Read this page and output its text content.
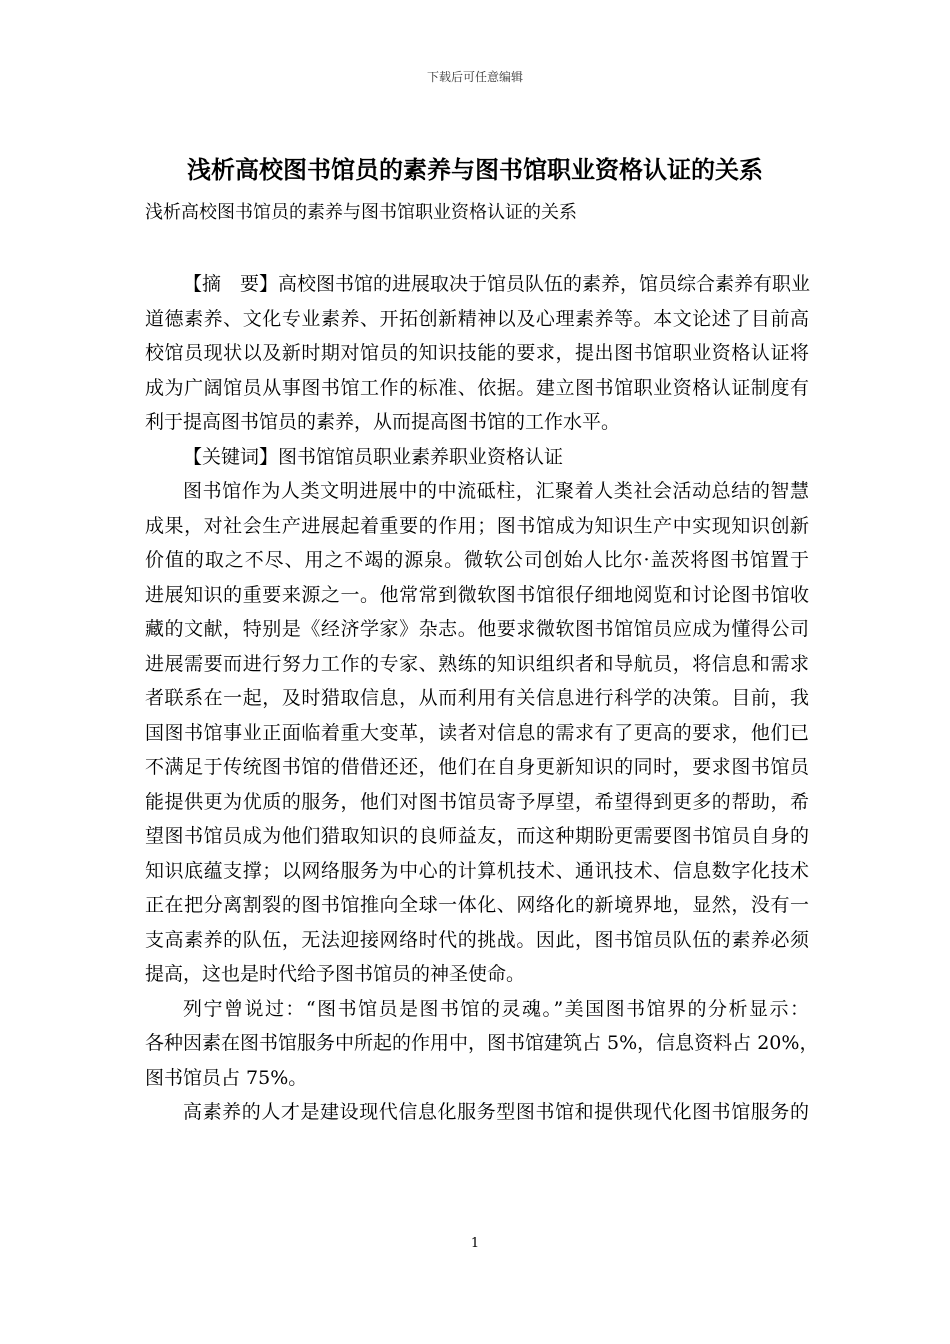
下载后可任意编辑
浅析高校图书馆员的素养与图书馆职业资格认证的关系
浅析高校图书馆员的素养与图书馆职业资格认证的关系

【摘　要】高校图书馆的进展取决于馆员队伍的素养，馆员综合素养有职业
道德素养、文化专业素养、开拓创新精神以及心理素养等。本文论述了目前高
校馆员现状以及新时期对馆员的知识技能的要求，提出图书馆职业资格认证将
成为广阔馆员从事图书馆工作的标准、依据。建立图书馆职业资格认证制度有
利于提高图书馆员的素养，从而提高图书馆的工作水平。

【关键词】图书馆馆员职业素养职业资格认证

图书馆作为人类文明进展中的中流砥柱，汇聚着人类社会活动总结的智慧
成果，对社会生产进展起着重要的作用；图书馆成为知识生产中实现知识创新
价值的取之不尽、用之不竭的源泉。微软公司创始人比尔·盖茨将图书馆置于
进展知识的重要来源之一。他常常到微软图书馆很仔细地阅览和讨论图书馆收
藏的文献，特别是《经济学家》杂志。他要求微软图书馆馆员应成为懂得公司
进展需要而进行努力工作的专家、熟练的知识组织者和导航员，将信息和需求
者联系在一起，及时猎取信息，从而利用有关信息进行科学的决策。目前，我
国图书馆事业正面临着重大变革，读者对信息的需求有了更高的要求，他们已
不满足于传统图书馆的借借还还，他们在自身更新知识的同时，要求图书馆员
能提供更为优质的服务，他们对图书馆员寄予厚望，希望得到更多的帮助，希
望图书馆员成为他们猎取知识的良师益友，而这种期盼更需要图书馆员自身的
知识底蕴支撑；以网络服务为中心的计算机技术、通讯技术、信息数字化技术
正在把分离割裂的图书馆推向全球一体化、网络化的新境界地，显然，没有一
支高素养的队伍，无法迎接网络时代的挑战。因此，图书馆员队伍的素养必须
提高，这也是时代给予图书馆员的神圣使命。

列宁曾说过：“图书馆员是图书馆的灵魂。”美国图书馆界的分析显示：
各种因素在图书馆服务中所起的作用中，图书馆建筑占 5%，信息资料占 20%，
图书馆员占 75%。

高素养的人才是建设现代信息化服务型图书馆和提供现代化图书馆服务的

1
